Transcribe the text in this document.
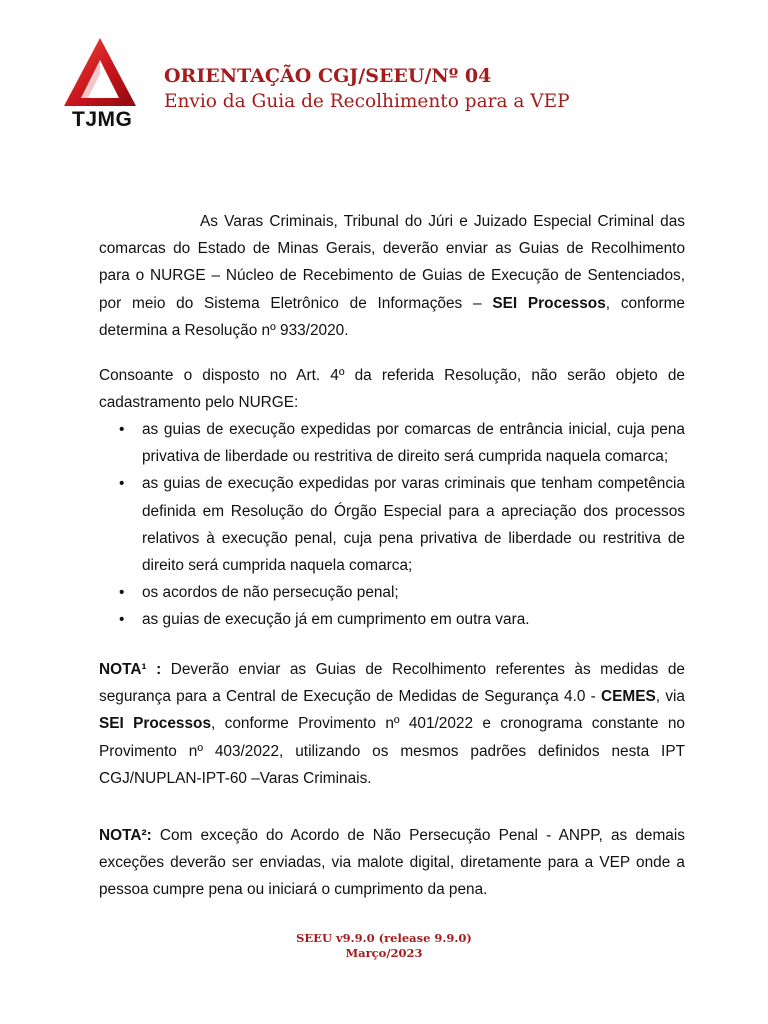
TJMG
ORIENTAÇÃO CGJ/SEEU/Nº 04
Envio da Guia de Recolhimento para a VEP
As Varas Criminais, Tribunal do Júri e Juizado Especial Criminal das comarcas do Estado de Minas Gerais, deverão enviar as Guias de Recolhimento para o NURGE – Núcleo de Recebimento de Guias de Execução de Sentenciados, por meio do Sistema Eletrônico de Informações – SEI Processos, conforme determina a Resolução nº 933/2020.
Consoante o disposto no Art. 4º da referida Resolução, não serão objeto de cadastramento pelo NURGE:
• as guias de execução expedidas por comarcas de entrância inicial, cuja pena privativa de liberdade ou restritiva de direito será cumprida naquela comarca;
• as guias de execução expedidas por varas criminais que tenham competência definida em Resolução do Órgão Especial para a apreciação dos processos relativos à execução penal, cuja pena privativa de liberdade ou restritiva de direito será cumprida naquela comarca;
• os acordos de não persecução penal;
• as guias de execução já em cumprimento em outra vara.
NOTA¹ : Deverão enviar as Guias de Recolhimento referentes às medidas de segurança para a Central de Execução de Medidas de Segurança 4.0 - CEMES, via SEI Processos, conforme Provimento nº 401/2022 e cronograma constante no Provimento nº 403/2022, utilizando os mesmos padrões definidos nesta IPT CGJ/NUPLAN-IPT-60 –Varas Criminais.
NOTA²: Com exceção do Acordo de Não Persecução Penal - ANPP, as demais exceções deverão ser enviadas, via malote digital, diretamente para a VEP onde a pessoa cumpre pena ou iniciará o cumprimento da pena.
SEEU v9.9.0 (release 9.9.0)
Março/2023
